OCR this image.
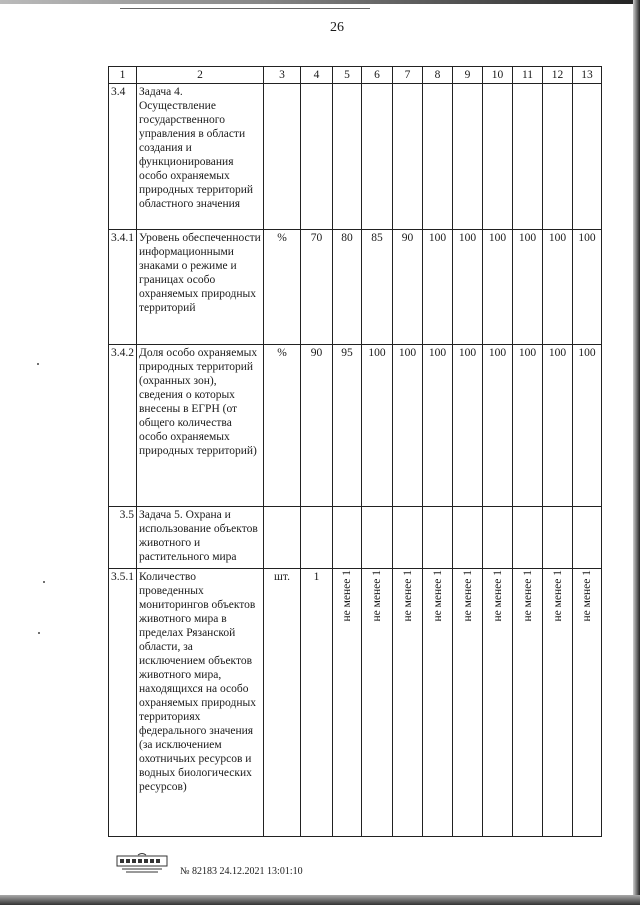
26
1	2	3	4	5	6	7	8	9	10	11	12	13
3.4	Задача 4. Осуществление государственного управления в области создания и функционирования особо охраняемых природных территорий областного значения											
3.4.1	Уровень обеспеченности информационными знаками о режиме и границах особо охраняемых природных территорий	%	70	80	85	90	100	100	100	100	100	100
3.4.2	Доля особо охраняемых природных территорий (охранных зон), сведения о которых внесены в ЕГРН (от общего количества особо охраняемых природных территорий)	%	90	95	100	100	100	100	100	100	100	100
3.5	Задача 5. Охрана и использование объектов животного и растительного мира											
3.5.1	Количество проведенных мониторингов объектов животного мира в пределах Рязанской области, за исключением объектов животного мира, находящихся на особо охраняемых природных территориях федерального значения (за исключением охотничьих ресурсов и водных биологических ресурсов)	шт.	1	не менее 1	не менее 1	не менее 1	не менее 1	не менее 1	не менее 1	не менее 1	не менее 1	не менее 1
№ 82183 24.12.2021 13:01:10
